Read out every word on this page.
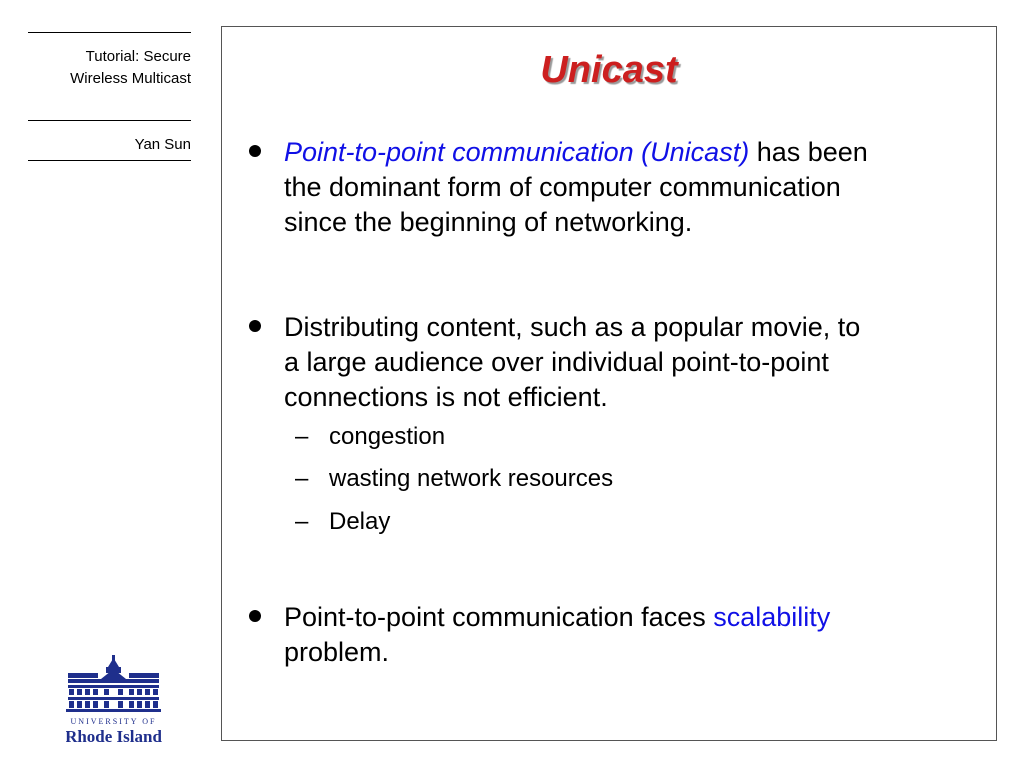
Tutorial: Secure
Wireless Multicast
Yan Sun
UNIVERSITY OF
Rhode Island
Unicast
Point-to-point communication (Unicast) has been
the dominant form of computer communication
since the beginning of networking.
Distributing content, such as a popular movie, to
a large audience over individual point-to-point
connections is not efficient.
– congestion
– wasting network resources
– Delay
Point-to-point communication faces scalability
problem.
